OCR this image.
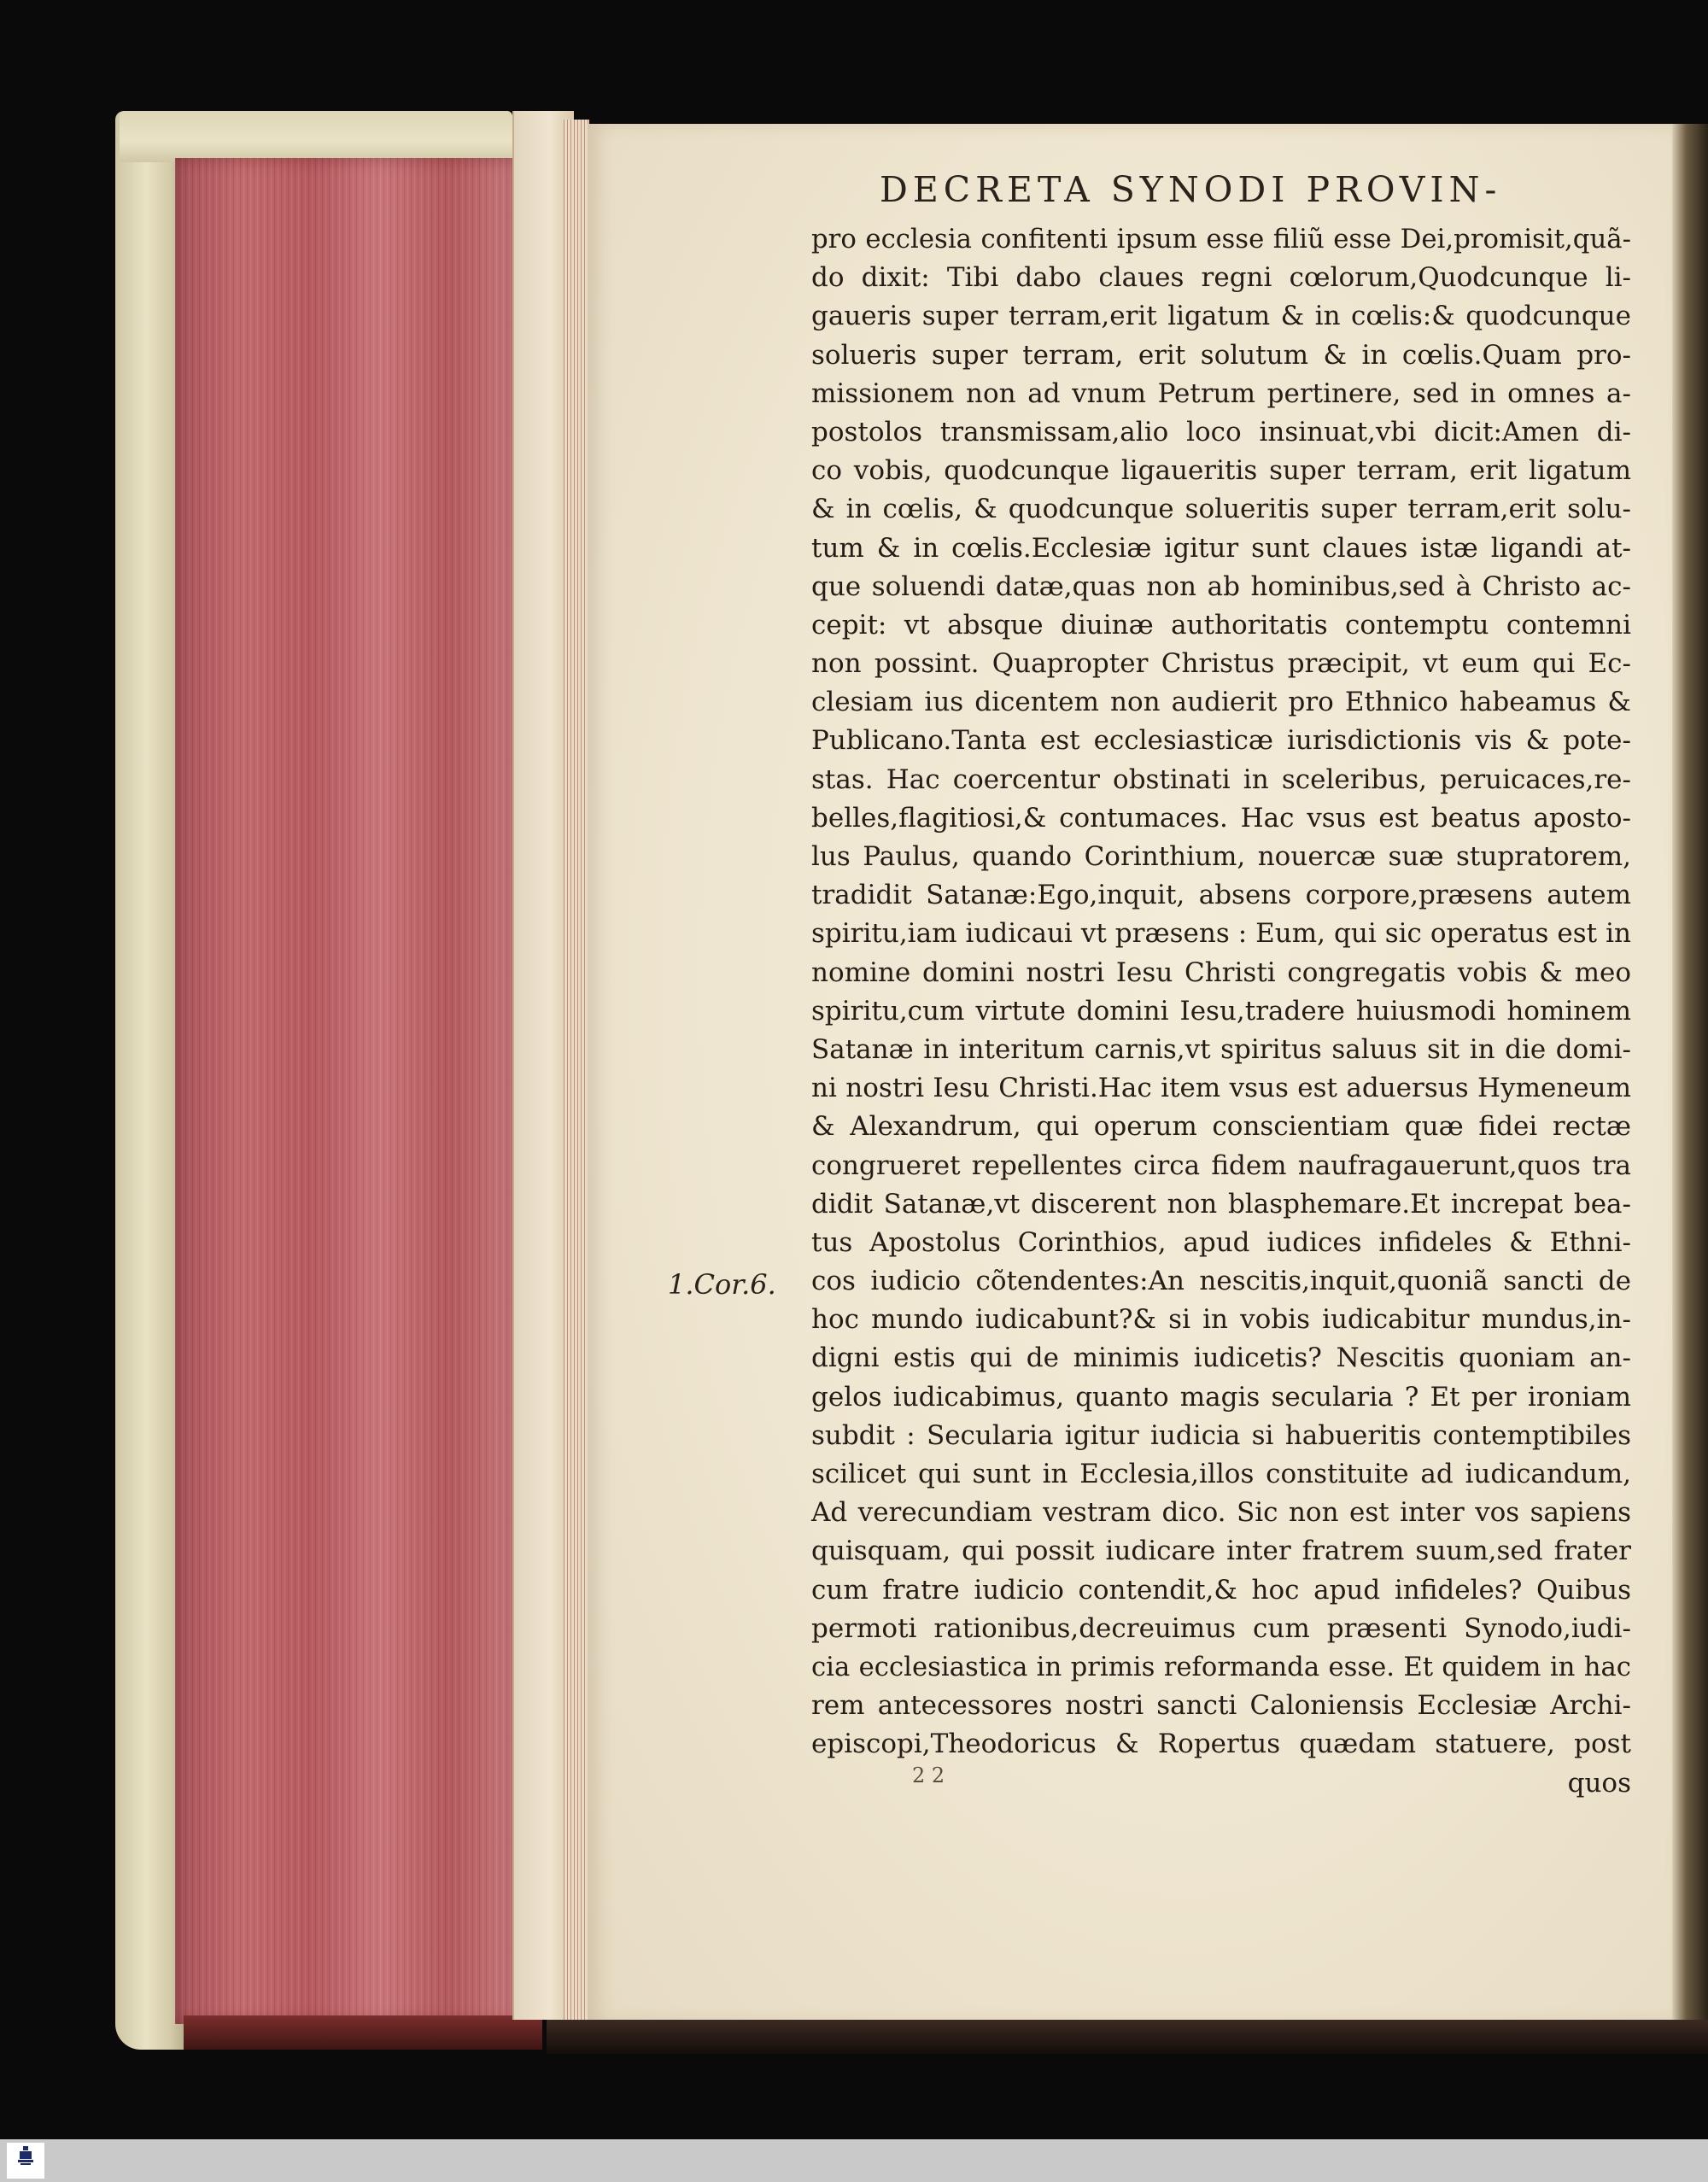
DECRETA SYNODI PROVIN-
1.Cor.6.
pro ecclesia confitenti ipsum esse filiũ esse Dei,promisit,quã-
do dixit: Tibi dabo claues regni cœlorum,Quodcunque li-
gaueris super terram,erit ligatum & in cœlis:& quodcunque
solueris super terram, erit solutum & in cœlis.Quam pro-
missionem non ad vnum Petrum pertinere, sed in omnes a-
postolos transmissam,alio loco insinuat,vbi dicit:Amen di-
co vobis, quodcunque ligaueritis super terram, erit ligatum
& in cœlis, & quodcunque solueritis super terram,erit solu-
tum & in cœlis.Ecclesiæ igitur sunt claues istæ ligandi at-
que soluendi datæ,quas non ab hominibus,sed à Christo ac-
cepit: vt absque diuinæ authoritatis contemptu contemni
non possint. Quapropter Christus præcipit, vt eum qui Ec-
clesiam ius dicentem non audierit pro Ethnico habeamus &
Publicano.Tanta est ecclesiasticæ iurisdictionis vis & pote-
stas. Hac coercentur obstinati in sceleribus, peruicaces,re-
belles,flagitiosi,& contumaces. Hac vsus est beatus aposto-
lus Paulus, quando Corinthium, nouercæ suæ stupratorem,
tradidit Satanæ:Ego,inquit, absens corpore,præsens autem
spiritu,iam iudicaui vt præsens : Eum, qui sic operatus est in
nomine domini nostri Iesu Christi congregatis vobis & meo
spiritu,cum virtute domini Iesu,tradere huiusmodi hominem
Satanæ in interitum carnis,vt spiritus saluus sit in die domi-
ni nostri Iesu Christi.Hac item vsus est aduersus Hymeneum
& Alexandrum, qui operum conscientiam quæ fidei rectæ
congrueret repellentes circa fidem naufragauerunt,quos tra
didit Satanæ,vt discerent non blasphemare.Et increpat bea-
tus Apostolus Corinthios, apud iudices infideles & Ethni-
cos iudicio cõtendentes:An nescitis,inquit,quoniã sancti de
hoc mundo iudicabunt?& si in vobis iudicabitur mundus,in-
digni estis qui de minimis iudicetis? Nescitis quoniam an-
gelos iudicabimus, quanto magis secularia ? Et per ironiam
subdit : Secularia igitur iudicia si habueritis contemptibiles
scilicet qui sunt in Ecclesia,illos constituite ad iudicandum,
Ad verecundiam vestram dico. Sic non est inter vos sapiens
quisquam, qui possit iudicare inter fratrem suum,sed frater
cum fratre iudicio contendit,& hoc apud infideles? Quibus
permoti rationibus,decreuimus cum præsenti Synodo,iudi-
cia ecclesiastica in primis reformanda esse. Et quidem in hac
rem antecessores nostri sancti Caloniensis Ecclesiæ Archi-
episcopi,Theodoricus & Ropertus quædam statuere, post
quos
2 2
